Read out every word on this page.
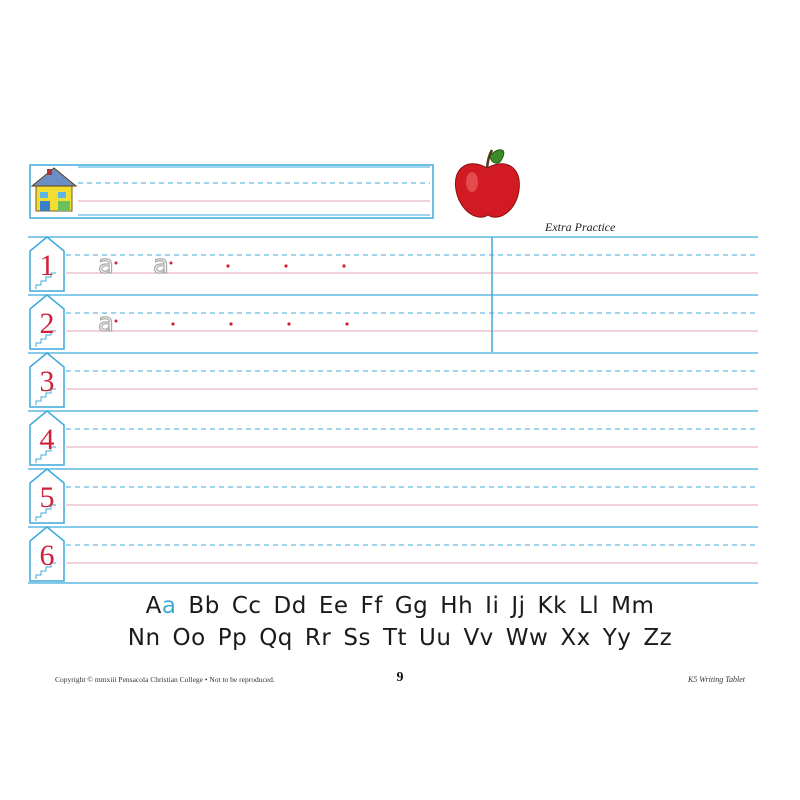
1 a a
2 a
3
4
5
6
Extra Practice
Aa Bb Cc Dd Ee Ff Gg Hh Ii Jj Kk Ll Mm
Nn Oo Pp Qq Rr Ss Tt Uu Vv Ww Xx Yy Zz
Copyright © mmxiii Pensacola Christian College • Not to be reproduced.	9	K5 Writing Tablet
